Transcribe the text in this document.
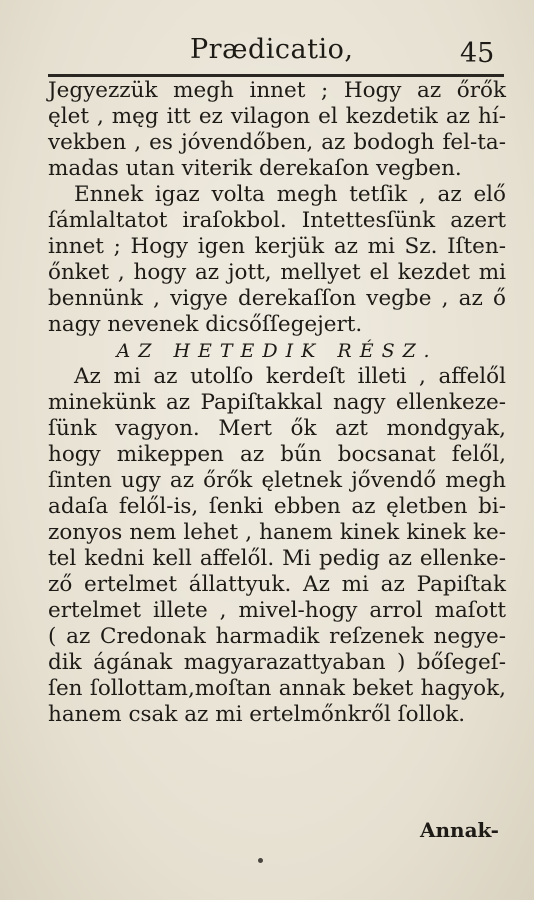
Prædicatio,	45
Jegyezzük megh innet ; Hogy az őrők
ęlet , męg itt ez vilagon el kezdetik az hí-
vekben , es jóvendőben, az bodogh fel-ta-
madas utan viterik derekaſon vegben.
Ennek igaz volta megh tetſik , az elő
ſámlaltatot iraſokbol. Intettesſünk azert
innet ; Hogy igen kerjük az mi Sz. Iſten-
őnket , hogy az jott, mellyet el kezdet mi
bennünk , vigye derekaſſon vegbe , az ő
nagy nevenek dicsőſſegejert.
AZ HETEDIK RÉSZ.
Az mi az utolſo kerdeſt illeti , affelől
minekünk az Papiſtakkal nagy ellenkeze-
ſünk vagyon. Mert ők azt mondgyak,
hogy mikeppen az bűn bocsanat felől,
ſinten ugy az őrők ęletnek jővendő megh
adaſa felől-is, ſenki ebben az ęletben bi-
zonyos nem lehet , hanem kinek kinek ke-
tel kedni kell affelől. Mi pedig az ellenke-
ző ertelmet állattyuk. Az mi az Papiſtak
ertelmet illete , mivel-hogy arrol maſott
( az Credonak harmadik reſzenek negye-
dik ágának magyarazattyaban ) bőſegeſ-
ſen ſollottam,moſtan annak beket hagyok,
hanem csak az mi ertelmőnkről ſollok.
Annak-
